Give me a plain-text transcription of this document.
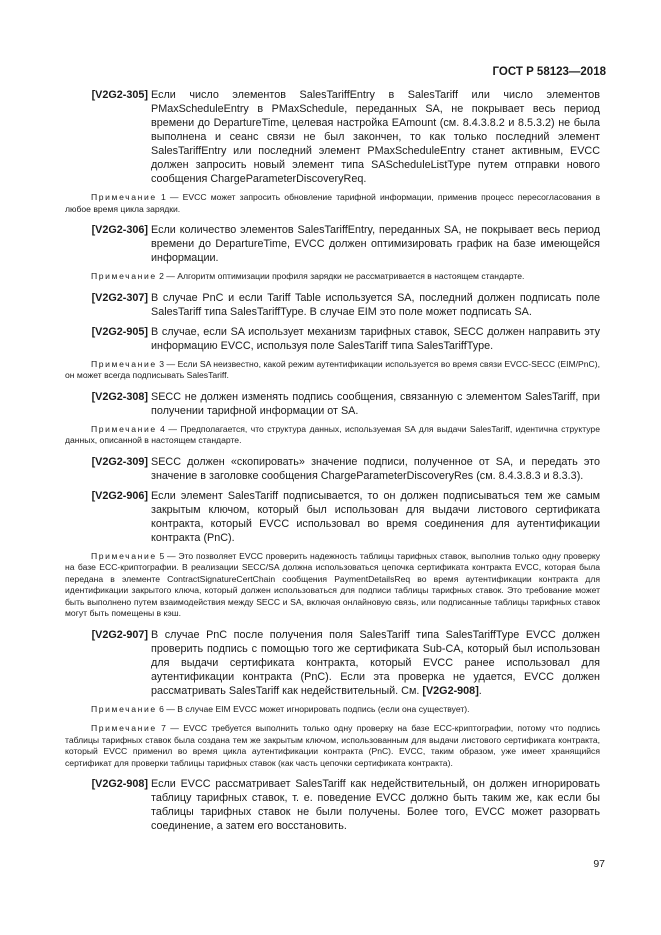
ГОСТ Р 58123—2018
[V2G2-305] Если число элементов SalesTariffEntry в SalesTariff или число элементов PMaxScheduleEntry в PMaxSchedule, переданных SA, не покрывает весь период времени до DepartureTime, целевая настройка EAmount (см. 8.4.3.8.2 и 8.5.3.2) не была выполнена и сеанс связи не был закончен, то как только последний элемент SalesTariffEntry или последний элемент PMaxScheduleEntry станет активным, EVCC должен запросить новый элемент типа SAScheduleListType путем отправки нового сообщения ChargeParameterDiscoveryReq.
Примечание 1 — EVCC может запросить обновление тарифной информации, применив процесс пересогласования в любое время цикла зарядки.
[V2G2-306] Если количество элементов SalesTariffEntry, переданных SA, не покрывает весь период времени до DepartureTime, EVCC должен оптимизировать график на базе имеющейся информации.
Примечание 2 — Алгоритм оптимизации профиля зарядки не рассматривается в настоящем стандарте.
[V2G2-307] В случае PnC и если Tariff Table используется SA, последний должен подписать поле SalesTariff типа SalesTariffType. В случае EIM это поле может подписать SA.
[V2G2-905] В случае, если SA использует механизм тарифных ставок, SECC должен направить эту информацию EVCC, используя поле SalesTariff типа SalesTariffType.
Примечание 3 — Если SA неизвестно, какой режим аутентификации используется во время связи EVCC-SECC (EIM/PnC), он может всегда подписывать SalesTariff.
[V2G2-308] SECC не должен изменять подпись сообщения, связанную с элементом SalesTariff, при получении тарифной информации от SA.
Примечание 4 — Предполагается, что структура данных, используемая SA для выдачи SalesTariff, идентична структуре данных, описанной в настоящем стандарте.
[V2G2-309] SECC должен «скопировать» значение подписи, полученное от SA, и передать это значение в заголовке сообщения ChargeParameterDiscoveryRes (см. 8.4.3.8.3 и 8.3.3).
[V2G2-906] Если элемент SalesTariff подписывается, то он должен подписываться тем же самым закрытым ключом, который был использован для выдачи листового сертификата контракта, который EVCC использовал во время соединения для аутентификации контракта (PnC).
Примечание 5 — Это позволяет EVCC проверить надежность таблицы тарифных ставок, выполнив только одну проверку на базе ECC-криптографии. В реализации SECC/SA должна использоваться цепочка сертификата контракта EVCC, которая была передана в элементе ContractSignatureCertChain сообщения PaymentDetailsReq во время аутентификации контракта для идентификации закрытого ключа, который должен использоваться для подписи таблицы тарифных ставок. Это требование может быть выполнено путем взаимодействия между SECC и SA, включая онлайновую связь, или подписанные таблицы тарифных ставок могут быть помещены в кэш.
[V2G2-907] В случае PnC после получения поля SalesTariff типа SalesTariffType EVCC должен проверить подпись с помощью того же сертификата Sub-CA, который был использован для выдачи сертификата контракта, который EVCC ранее использовал для аутентификации контракта (PnC). Если эта проверка не удается, EVCC должен рассматривать SalesTariff как недействительный. См. [V2G2-908].
Примечание 6 — В случае EIM EVCC может игнорировать подпись (если она существует).
Примечание 7 — EVCC требуется выполнить только одну проверку на базе ECC-криптографии, потому что подпись таблицы тарифных ставок была создана тем же закрытым ключом, использованным для выдачи листового сертификата контракта, который EVCC применил во время цикла аутентификации контракта (PnC). EVCC, таким образом, уже имеет хранящийся сертификат для проверки таблицы тарифных ставок (как часть цепочки сертификата контракта).
[V2G2-908] Если EVCC рассматривает SalesTariff как недействительный, он должен игнорировать таблицу тарифных ставок, т. е. поведение EVCC должно быть таким же, как если бы таблицы тарифных ставок не были получены. Более того, EVCC может разорвать соединение, а затем его восстановить.
97
